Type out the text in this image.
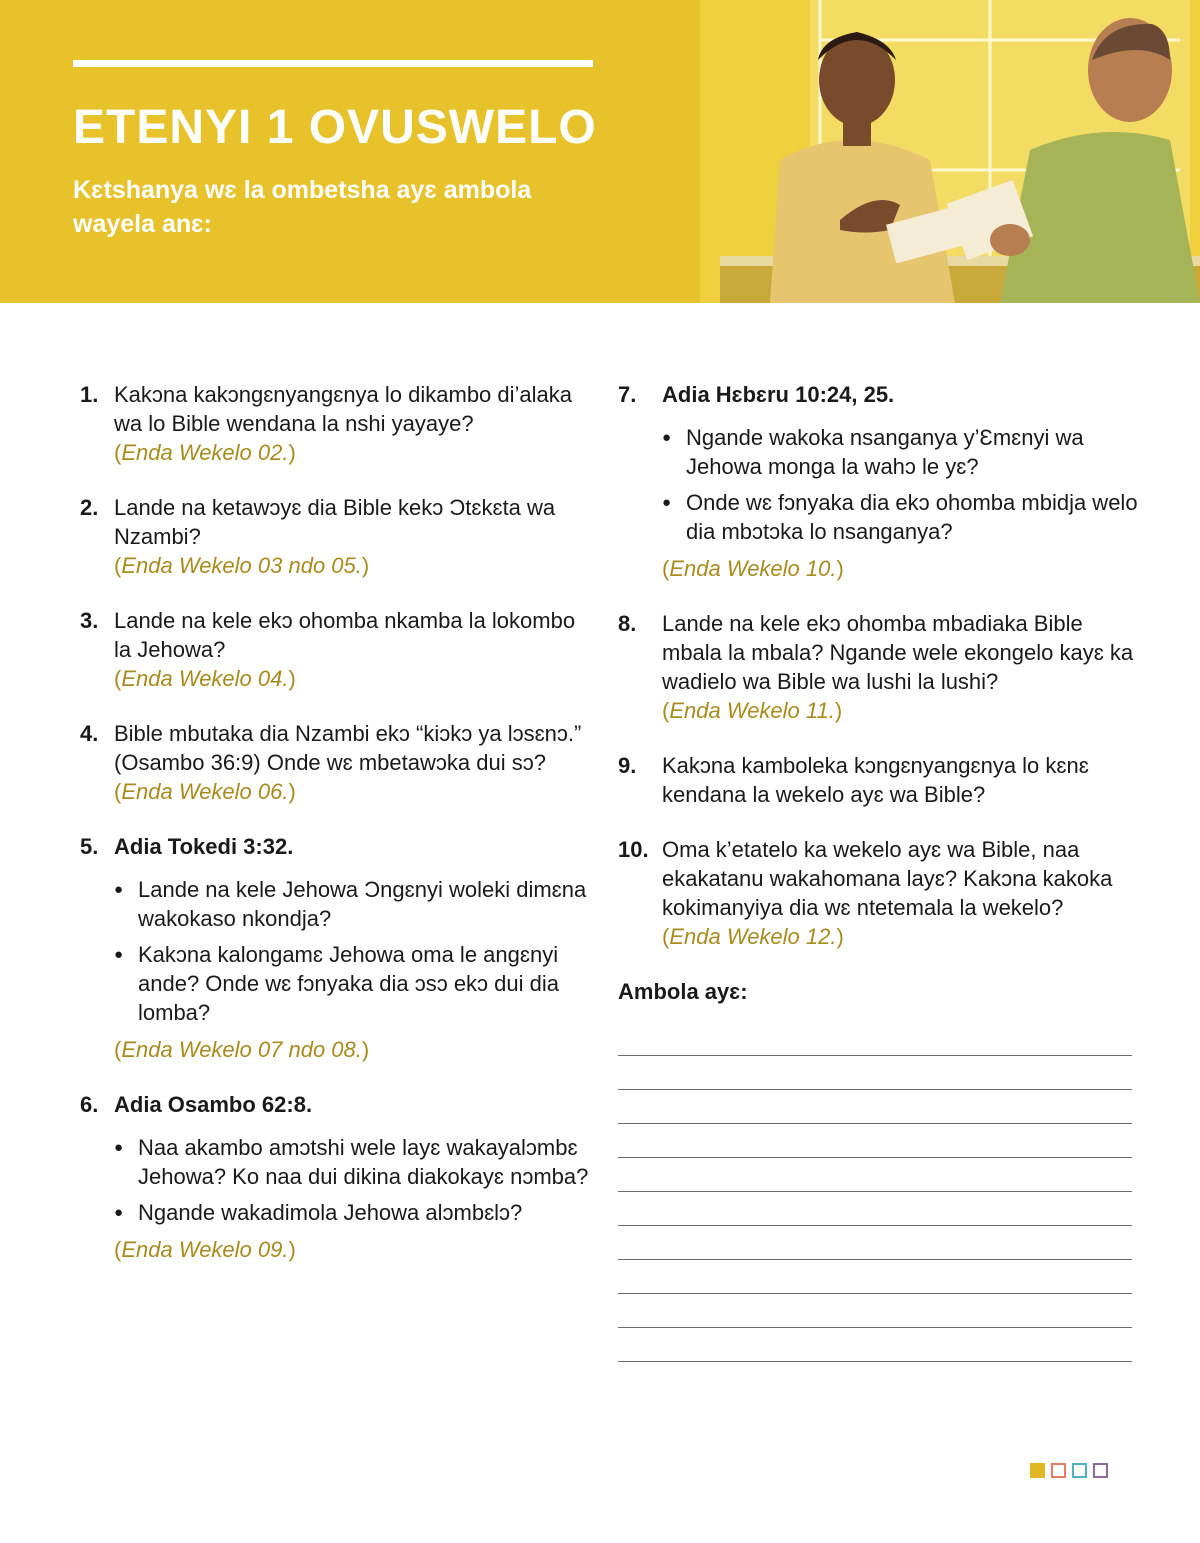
ETENYI 1 OVUSWELO

Kɛtshanya wɛ la ombetsha ayɛ ambola wayela anɛ:

1. Kakɔna kakɔngɛnyangɛnya lo dikambo di’alaka wa lo Bible wendana la nshi yayaye?
(Enda Wekelo 02.)
2. Lande na ketawɔyɛ dia Bible kekɔ Ɔtɛkɛta wa Nzambi?
(Enda Wekelo 03 ndo 05.)
3. Lande na kele ekɔ ohomba nkamba la lokombo la Jehowa?
(Enda Wekelo 04.)
4. Bible mbutaka dia Nzambi ekɔ “kiɔkɔ ya lɔsɛnɔ.” (Osambo 36:9) Onde wɛ mbetawɔka dui sɔ?
(Enda Wekelo 06.)
5. Adia Tokedi 3:32.
● Lande na kele Jehowa Ɔngɛnyi woleki dimɛna wakokaso nkondja?
● Kakɔna kalongamɛ Jehowa oma le angɛnyi ande? Onde wɛ fɔnyaka dia ɔsɔ ekɔ dui dia lomba?
(Enda Wekelo 07 ndo 08.)
6. Adia Osambo 62:8.
● Naa akambo amɔtshi wele layɛ wakayalɔmbɛ Jehowa? Ko naa dui dikina diakokayɛ nɔmba?
● Ngande wakadimola Jehowa alɔmbɛlɔ?
(Enda Wekelo 09.)
7. Adia Hɛbɛru 10:24, 25.
● Ngande wakoka nsanganya y’Ɛmɛnyi wa Jehowa monga la wahɔ le yɛ?
● Onde wɛ fɔnyaka dia ekɔ ohomba mbidja welo dia mbɔtɔka lo nsanganya?
(Enda Wekelo 10.)
8. Lande na kele ekɔ ohomba mbadiaka Bible mbala la mbala? Ngande wele ekongelo kayɛ ka wadielo wa Bible wa lushi la lushi?
(Enda Wekelo 11.)
9. Kakɔna kamboleka kɔngɛnyangɛnya lo kɛnɛ kendana la wekelo ayɛ wa Bible?
10. Oma k’etatelo ka wekelo ayɛ wa Bible, naa ekakatanu wakahomana layɛ? Kakɔna kakoka kokimanyiya dia wɛ ntetemala la wekelo?
(Enda Wekelo 12.)
Ambola ayɛ:
